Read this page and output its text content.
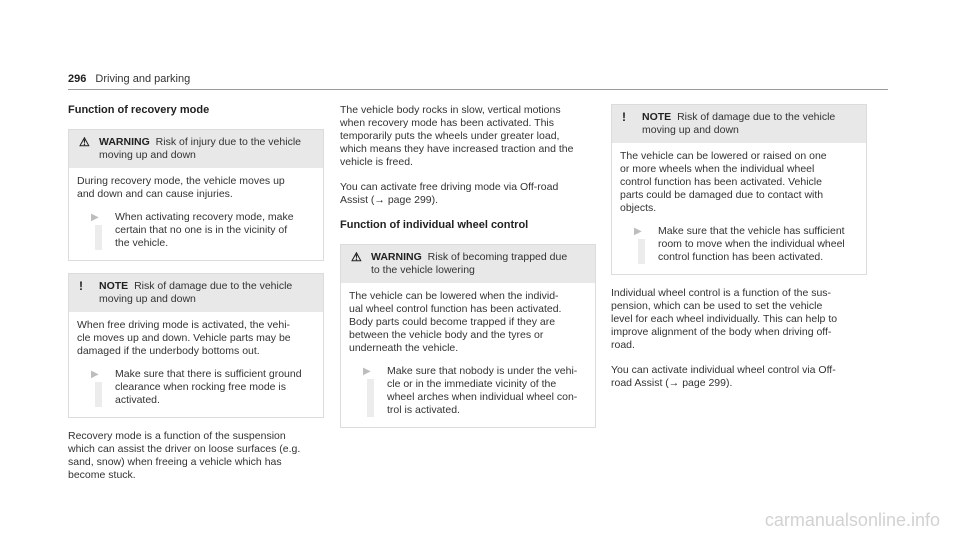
296 Driving and parking
Function of recovery mode
⚠ WARNING Risk of injury due to the vehicle
moving up and down

During recovery mode, the vehicle moves up
and down and can cause injuries.

▶ When activating recovery mode, make
certain that no one is in the vicinity of
the vehicle.
! NOTE Risk of damage due to the vehicle
moving up and down

When free driving mode is activated, the vehi-
cle moves up and down. Vehicle parts may be
damaged if the underbody bottoms out.

▶ Make sure that there is sufficient ground
clearance when rocking free mode is
activated.

Recovery mode is a function of the suspension
which can assist the driver on loose surfaces (e.g.
sand, snow) when freeing a vehicle which has
become stuck.

The vehicle body rocks in slow, vertical motions
when recovery mode has been activated. This
temporarily puts the wheels under greater load,
which means they have increased traction and the
vehicle is freed.

You can activate free driving mode via Off-road
Assist (→ page 299).

Function of individual wheel control
⚠ WARNING Risk of becoming trapped due
to the vehicle lowering

The vehicle can be lowered when the individ-
ual wheel control function has been activated.
Body parts could become trapped if they are
between the vehicle body and the tyres or
underneath the vehicle.

▶ Make sure that nobody is under the vehi-
cle or in the immediate vicinity of the
wheel arches when individual wheel con-
trol is activated.
! NOTE Risk of damage due to the vehicle
moving up and down

The vehicle can be lowered or raised on one
or more wheels when the individual wheel
control function has been activated. Vehicle
parts could be damaged due to contact with
objects.

▶ Make sure that the vehicle has sufficient
room to move when the individual wheel
control function has been activated.

Individual wheel control is a function of the sus-
pension, which can be used to set the vehicle
level for each wheel individually. This can help to
improve alignment of the body when driving off-
road.

You can activate individual wheel control via Off-
road Assist (→ page 299).

carmanualsonline.info
